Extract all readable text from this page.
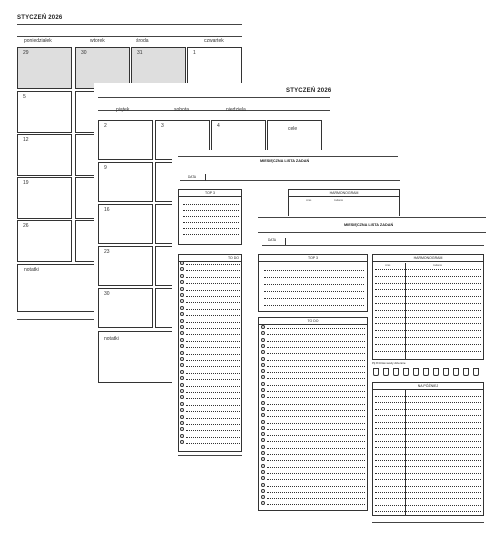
STYCZEŃ 2026
poniedziałek	wtorek	środa	czwartek
29	30	31	1
5
12
19
26
notatki
STYCZEŃ 2026
piątek	sobota	niedziela
2	3	4	cele
9
16
23
30
notatki
MIESIĘCZNA LISTA ZADAŃ
DATA
TOP 3	HARMONOGRAM
czas	zadanie
TO DO
MIESIĘCZNA LISTA ZADAŃ
DATA
TOP 3	HARMONOGRAM
czas	zadanie
TO DO
Pij 8 litrów wody dziennie
NA PÓŹNIEJ
